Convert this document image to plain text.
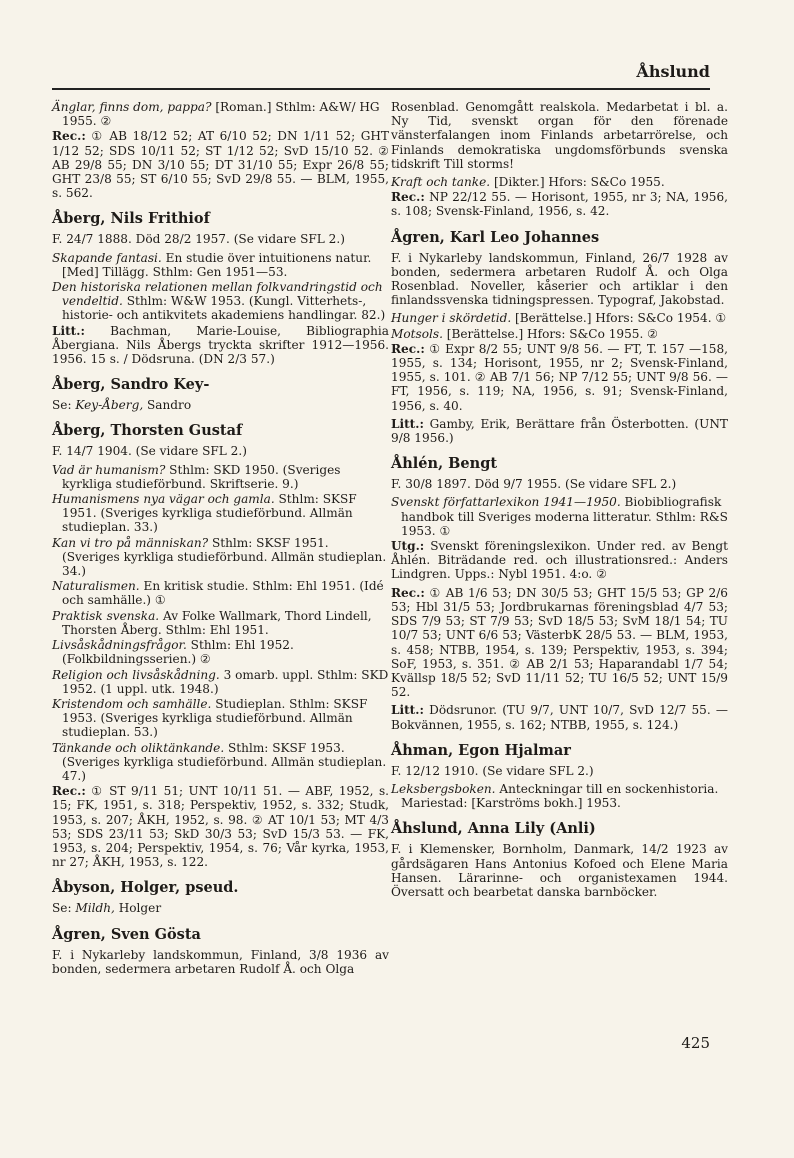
Åhslund
Änglar, finns dom, pappa? [Roman.] Sthlm: A&W/ HG 1955. ②
Rec.: ① AB 18/12 52; AT 6/10 52; DN 1/11 52; GHT 1/12 52; SDS 10/11 52; ST 1/12 52; SvD 15/10 52. ② AB 29/8 55; DN 3/10 55; DT 31/10 55; Expr 26/8 55; GHT 23/8 55; ST 6/10 55; SvD 29/8 55. — BLM, 1955, s. 562.
Åberg, Nils Frithiof
F. 24/7 1888. Död 28/2 1957. (Se vidare SFL 2.)
Skapande fantasi. En studie över intuitionens natur. [Med] Tillägg. Sthlm: Gen 1951—53.
Den historiska relationen mellan folkvandringstid och vendeltid. Sthlm: W&W 1953. (Kungl. Vitterhets-, historie- och antikvitets akademiens handlingar. 82.)
Litt.: Bachman, Marie-Louise, Bibliographia Åbergiana. Nils Åbergs tryckta skrifter 1912—1956. 1956. 15 s. / Dödsruna. (DN 2/3 57.)
Åberg, Sandro Key-
Se: Key-Åberg, Sandro
Åberg, Thorsten Gustaf
F. 14/7 1904. (Se vidare SFL 2.)
Vad är humanism? Sthlm: SKD 1950. (Sveriges kyrkliga studieförbund. Skriftserie. 9.)
Humanismens nya vägar och gamla. Sthlm: SKSF 1951. (Sveriges kyrkliga studieförbund. Allmän studieplan. 33.)
Kan vi tro på människan? Sthlm: SKSF 1951. (Sveriges kyrkliga studieförbund. Allmän studieplan. 34.)
Naturalismen. En kritisk studie. Sthlm: Ehl 1951. (Idé och samhälle.) ①
Praktisk svenska. Av Folke Wallmark, Thord Lindell, Thorsten Åberg. Sthlm: Ehl 1951.
Livsåskådningsfrågor. Sthlm: Ehl 1952. (Folkbildningsserien.) ②
Religion och livsåskådning. 3 omarb. uppl. Sthlm: SKD 1952. (1 uppl. utk. 1948.)
Kristendom och samhälle. Studieplan. Sthlm: SKSF 1953. (Sveriges kyrkliga studieförbund. Allmän studieplan. 53.)
Tänkande och oliktänkande. Sthlm: SKSF 1953. (Sveriges kyrkliga studieförbund. Allmän studieplan. 47.)
Rec.: ① ST 9/11 51; UNT 10/11 51. — ABF, 1952, s. 15; FK, 1951, s. 318; Perspektiv, 1952, s. 332; Studk, 1953, s. 207; ÅKH, 1952, s. 98. ② AT 10/1 53; MT 4/3 53; SDS 23/11 53; SkD 30/3 53; SvD 15/3 53. — FK, 1953, s. 204; Perspektiv, 1954, s. 76; Vår kyrka, 1953, nr 27; ÅKH, 1953, s. 122.
Åbyson, Holger, pseud.
Se: Mildh, Holger
Ågren, Sven Gösta
F. i Nykarleby landskommun, Finland, 3/8 1936 av bonden, sedermera arbetaren Rudolf Å. och Olga
Rosenblad. Genomgått realskola. Medarbetat i bl. a. Ny Tid, svenskt organ för den förenade vänsterfalangen inom Finlands arbetarrörelse, och Finlands demokratiska ungdomsförbunds svenska tidskrift Till storms!
Kraft och tanke. [Dikter.] Hfors: S&Co 1955.
Rec.: NP 22/12 55. — Horisont, 1955, nr 3; NA, 1956, s. 108; Svensk-Finland, 1956, s. 42.
Ågren, Karl Leo Johannes
F. i Nykarleby landskommun, Finland, 26/7 1928 av bonden, sedermera arbetaren Rudolf Å. och Olga Rosenblad. Noveller, kåserier och artiklar i den finlandssvenska tidningspressen. Typograf, Jakobstad.
Hunger i skördetid. [Berättelse.] Hfors: S&Co 1954. ①
Motsols. [Berättelse.] Hfors: S&Co 1955. ②
Rec.: ① Expr 8/2 55; UNT 9/8 56. — FT, T. 157 —158, 1955, s. 134; Horisont, 1955, nr 2; Svensk-Finland, 1955, s. 101. ② AB 7/1 56; NP 7/12 55; UNT 9/8 56. — FT, 1956, s. 119; NA, 1956, s. 91; Svensk-Finland, 1956, s. 40.
Litt.: Gamby, Erik, Berättare från Österbotten. (UNT 9/8 1956.)
Åhlén, Bengt
F. 30/8 1897. Död 9/7 1955. (Se vidare SFL 2.)
Svenskt författarlexikon 1941—1950. Biobibliografisk handbok till Sveriges moderna litteratur. Sthlm: R&S 1953. ①
Utg.: Svenskt föreningslexikon. Under red. av Bengt Åhlén. Biträdande red. och illustrationsred.: Anders Lindgren. Upps.: Nybl 1951. 4:o. ②
Rec.: ① AB 1/6 53; DN 30/5 53; GHT 15/5 53; GP 2/6 53; Hbl 31/5 53; Jordbrukarnas föreningsblad 4/7 53; SDS 7/9 53; ST 7/9 53; SvD 18/5 53; SvM 18/1 54; TU 10/7 53; UNT 6/6 53; VästerbK 28/5 53. — BLM, 1953, s. 458; NTBB, 1954, s. 139; Perspektiv, 1953, s. 394; SoF, 1953, s. 351. ② AB 2/1 53; Haparandabl 1/7 54; Kvällsp 18/5 52; SvD 11/11 52; TU 16/5 52; UNT 15/9 52.
Litt.: Dödsrunor. (TU 9/7, UNT 10/7, SvD 12/7 55. — Bokvännen, 1955, s. 162; NTBB, 1955, s. 124.)
Åhman, Egon Hjalmar
F. 12/12 1910. (Se vidare SFL 2.)
Leksbergsboken. Anteckningar till en sockenhistoria. Mariestad: [Karströms bokh.] 1953.
Åhslund, Anna Lily (Anli)
F. i Klemensker, Bornholm, Danmark, 14/2 1923 av gårdsägaren Hans Antonius Kofoed och Elene Maria Hansen. Lärarinne- och organistexamen 1944. Översatt och bearbetat danska barnböcker.
425
